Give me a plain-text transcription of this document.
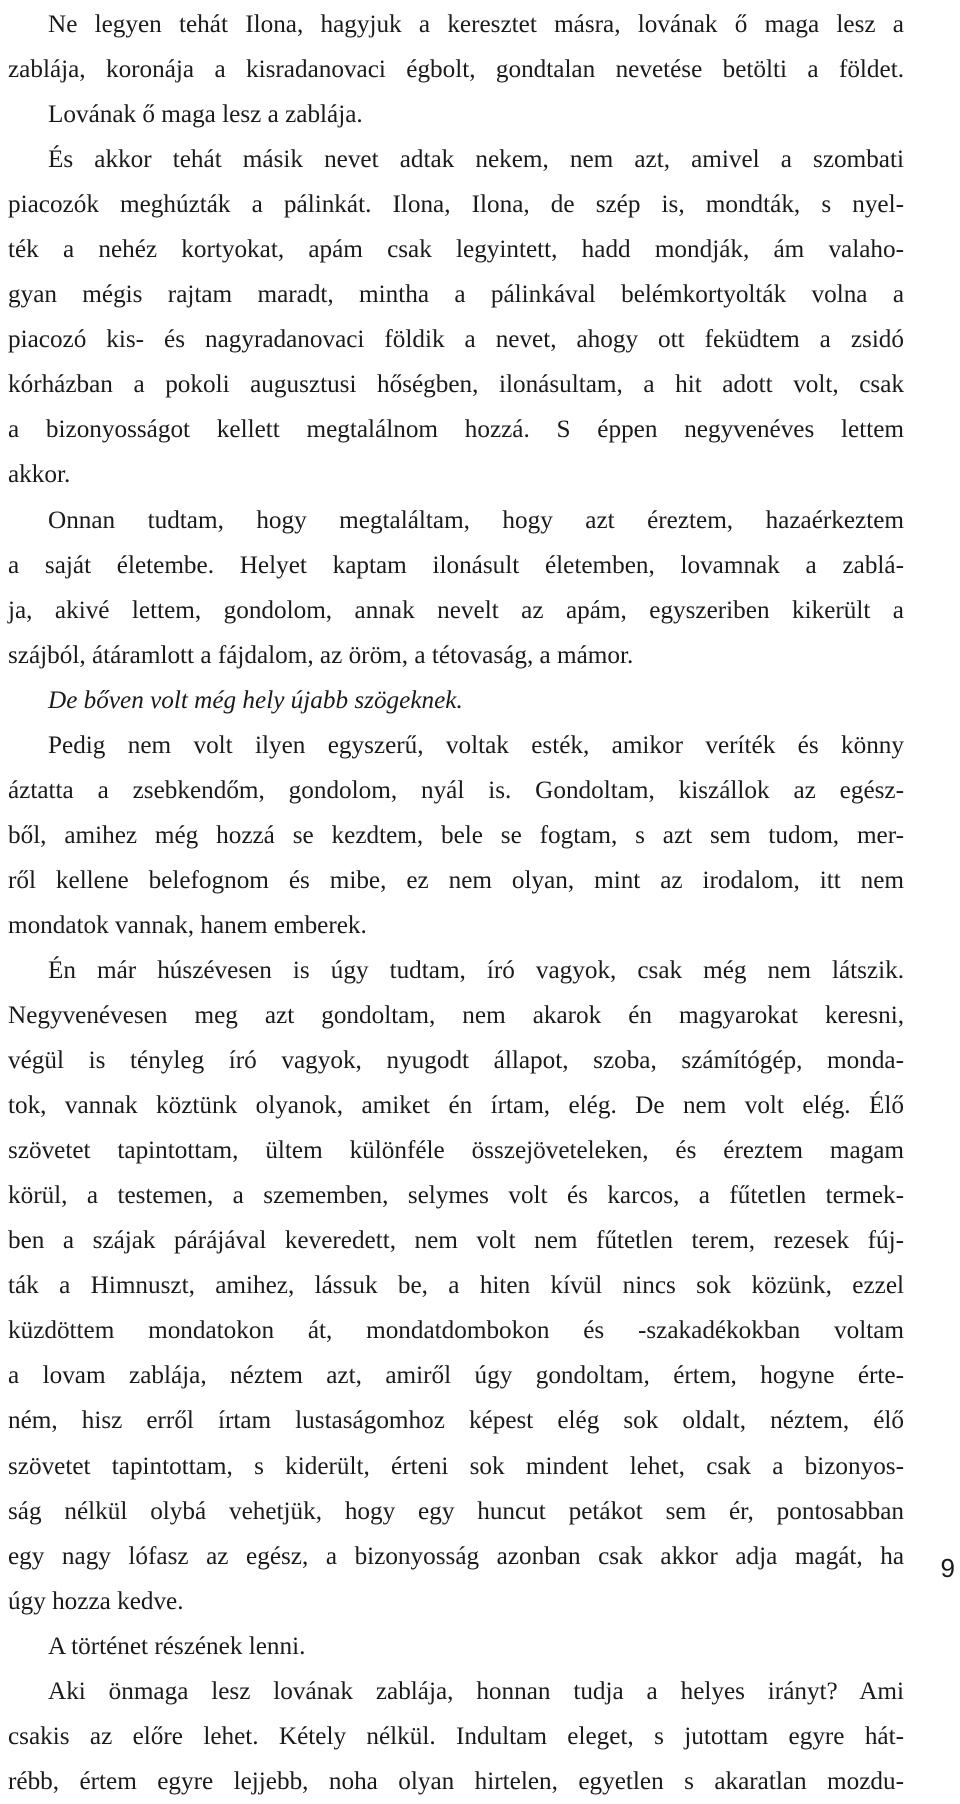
Ne legyen tehát Ilona, hagyjuk a keresztet másra, lovának ő maga lesz a
zablája, koronája a kisradanovaci égbolt, gondtalan nevetése betölti a földet.
Lovának ő maga lesz a zablája.
És akkor tehát másik nevet adtak nekem, nem azt, amivel a szombati
piacozók meghúzták a pálinkát. Ilona, Ilona, de szép is, mondták, s nyel-
ték a nehéz kortyokat, apám csak legyintett, hadd mondják, ám valaho-
gyan mégis rajtam maradt, mintha a pálinkával belémkortyolták volna a
piacozó kis- és nagyradanovaci földik a nevet, ahogy ott feküdtem a zsidó
kórházban a pokoli augusztusi hőségben, ilonásultam, a hit adott volt, csak
a bizonyosságot kellett megtalálnom hozzá. S éppen negyvenéves lettem
akkor.
Onnan tudtam, hogy megtaláltam, hogy azt éreztem, hazaérkeztem
a saját életembe. Helyet kaptam ilonásult életemben, lovamnak a zablá-
ja, akivé lettem, gondolom, annak nevelt az apám, egyszeriben kikerült a
szájból, átáramlott a fájdalom, az öröm, a tétovaság, a mámor.
De bőven volt még hely újabb szögeknek.
Pedig nem volt ilyen egyszerű, voltak esték, amikor veríték és könny
áztatta a zsebkendőm, gondolom, nyál is. Gondoltam, kiszállok az egész-
ből, amihez még hozzá se kezdtem, bele se fogtam, s azt sem tudom, mer-
ről kellene belefognom és mibe, ez nem olyan, mint az irodalom, itt nem
mondatok vannak, hanem emberek.
Én már húszévesen is úgy tudtam, író vagyok, csak még nem látszik.
Negyvenévesen meg azt gondoltam, nem akarok én magyarokat keresni,
végül is tényleg író vagyok, nyugodt állapot, szoba, számítógép, monda-
tok, vannak köztünk olyanok, amiket én írtam, elég. De nem volt elég. Élő
szövetet tapintottam, ültem különféle összejöveteleken, és éreztem magam
körül, a testemen, a szememben, selymes volt és karcos, a fűtetlen termek-
ben a szájak párájával keveredett, nem volt nem fűtetlen terem, rezesek fúj-
ták a Himnuszt, amihez, lássuk be, a hiten kívül nincs sok közünk, ezzel
küzdöttem mondatokon át, mondatdombokon és -szakadékokban voltam
a lovam zablája, néztem azt, amiről úgy gondoltam, értem, hogyne érte-
ném, hisz erről írtam lustaságomhoz képest elég sok oldalt, néztem, élő
szövetet tapintottam, s kiderült, érteni sok mindent lehet, csak a bizonyos-
ság nélkül olybá vehetjük, hogy egy huncut petákot sem ér, pontosabban
egy nagy lófasz az egész, a bizonyosság azonban csak akkor adja magát, ha
úgy hozza kedve.
A történet részének lenni.
Aki önmaga lesz lovának zablája, honnan tudja a helyes irányt? Ami
csakis az előre lehet. Kétely nélkül. Indultam eleget, s jutottam egyre hát-
rébb, értem egyre lejjebb, noha olyan hirtelen, egyetlen s akaratlan mozdu-
9
